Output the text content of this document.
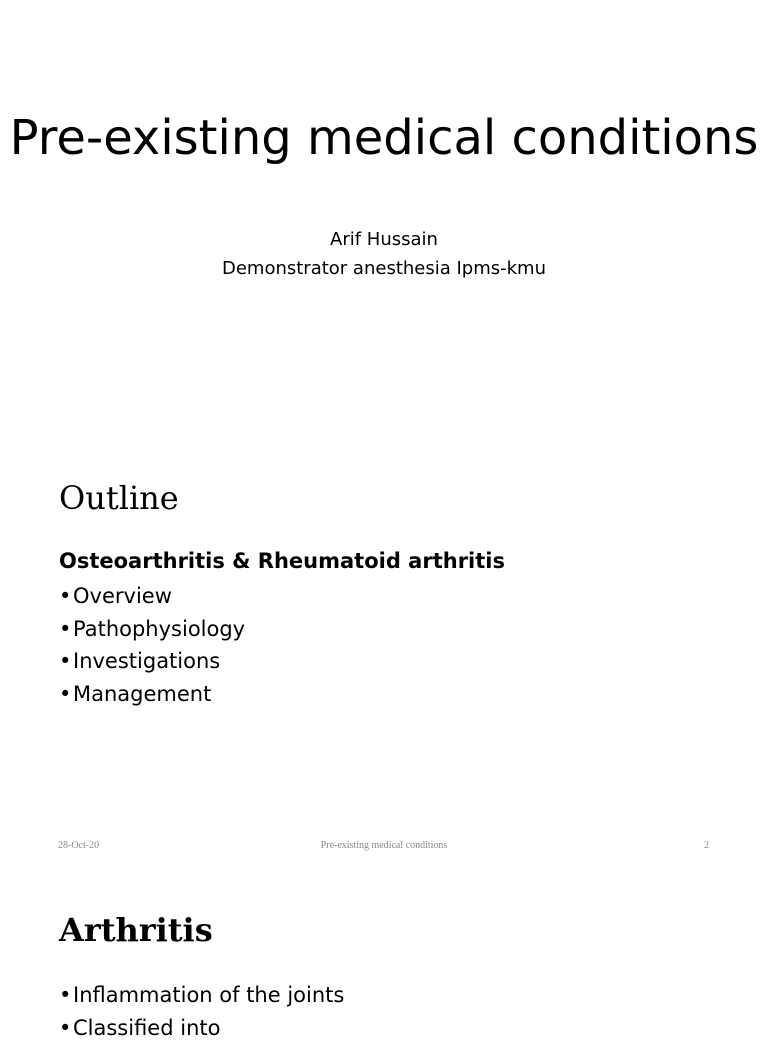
Pre-existing medical conditions
Arif Hussain
Demonstrator anesthesia Ipms-kmu
Outline
Osteoarthritis & Rheumatoid arthritis
•Overview
•Pathophysiology
•Investigations
•Management
Pre-existing medical conditions
28-Oct-20	2
Arthritis
•Inflammation of the joints
•Classified into
